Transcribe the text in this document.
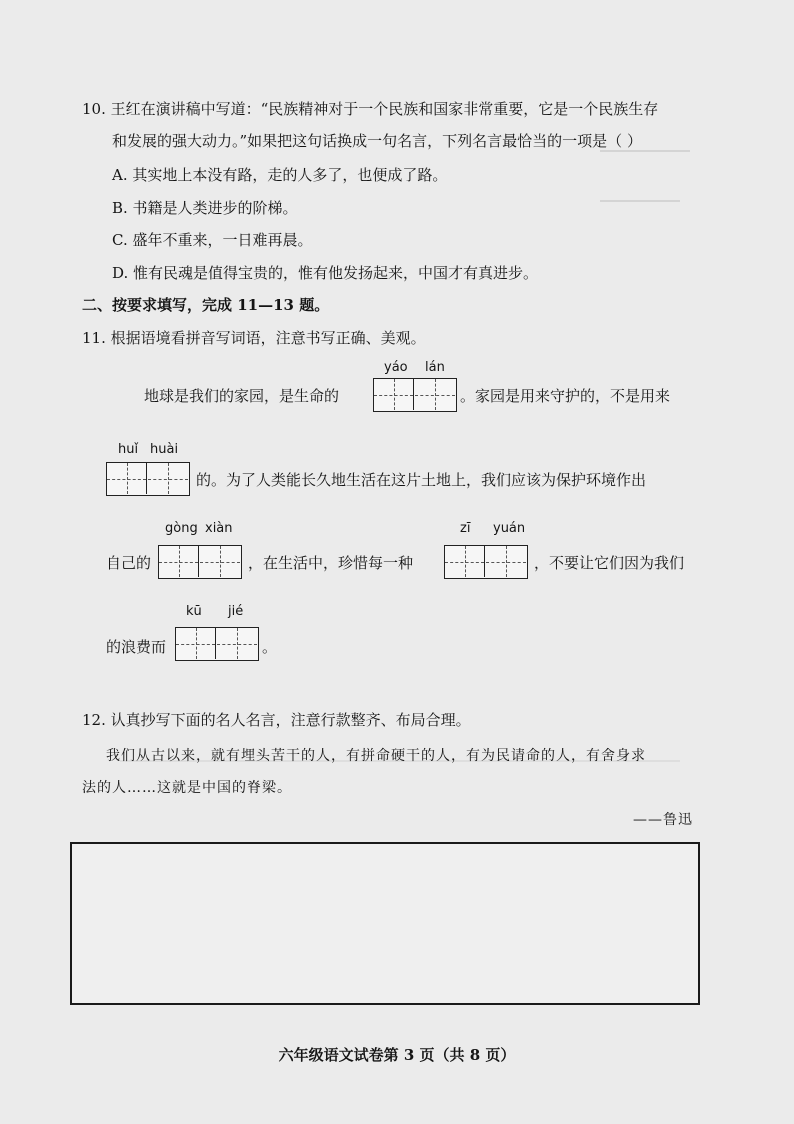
10. 王红在演讲稿中写道：“民族精神对于一个民族和国家非常重要，它是一个民族生存
和发展的强大动力。”如果把这句话换成一句名言，下列名言最恰当的一项是（ ）
A. 其实地上本没有路，走的人多了，也便成了路。
B. 书籍是人类进步的阶梯。
C. 盛年不重来，一日难再晨。
D. 惟有民魂是值得宝贵的，惟有他发扬起来，中国才有真进步。
二、按要求填写，完成 11—13 题。
11. 根据语境看拼音写词语，注意书写正确、美观。
yáo lán
地球是我们的家园，是生命的	。家园是用来守护的，不是用来
huǐ huài
的。为了人类能长久地生活在这片土地上，我们应该为保护环境作出
gòng xiàn
自己的	，在生活中，珍惜每一种
zī yuán
，不要让它们因为我们
kū jié
的浪费而	。
12. 认真抄写下面的名人名言，注意行款整齐、布局合理。
我们从古以来，就有埋头苦干的人，有拼命硬干的人，有为民请命的人，有舍身求
法的人……这就是中国的脊梁。
——鲁迅
六年级语文试卷第 3 页（共 8 页）
